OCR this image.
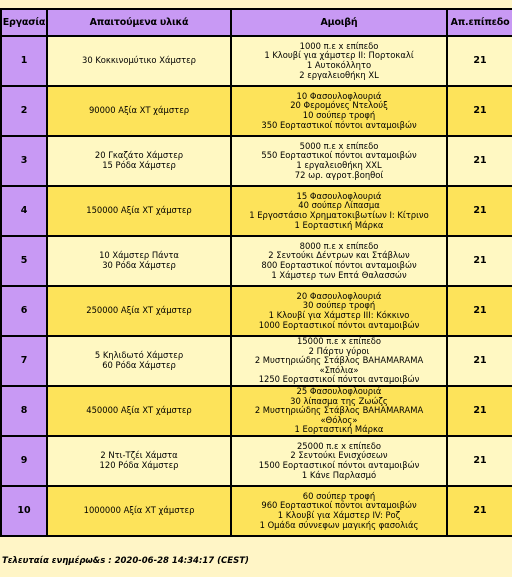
Εργασία	Απαιτούμενα υλικά	Αμοιβή	Απ.επίπεδο
1	30 Κοκκινομύτικο Χάμστερ	1000 π.ε x επίπεδο
1 Κλουβί για χάμστερ II: Πορτοκαλί
1 Αυτοκόλλητο
2 εργαλειοθήκη XL	21
2	90000 Αξία ΧΤ χάμστερ	10 Φασουλοφλουριά
20 Φερομόνες Ντελούξ
10 σούπερ τροφή
350 Εορταστικοί πόντοι ανταμοιβών	21
3	20 Γκαζάτο Χάμστερ
15 Ρόδα Χάμστερ	5000 π.ε x επίπεδο
550 Εορταστικοί πόντοι ανταμοιβών
1 εργαλειοθήκη XXL
72 ωρ. αγροτ.βοηθοί	21
4	150000 Αξία ΧΤ χάμστερ	15 Φασουλοφλουριά
40 σούπερ Λίπασμα
1 Εργοστάσιο Χρηματοκιβωτίων I: Κίτρινο
1 Εορταστική Μάρκα	21
5	10 Χάμστερ Πάντα
30 Ρόδα Χάμστερ	8000 π.ε x επίπεδο
2 Σεντούκι Δέντρων και Στάβλων
800 Εορταστικοί πόντοι ανταμοιβών
1 Χάμστερ των Επτά Θαλασσών	21
6	250000 Αξία ΧΤ χάμστερ	20 Φασουλοφλουριά
30 σούπερ τροφή
1 Κλουβί για Χάμστερ III: Κόκκινο
1000 Εορταστικοί πόντοι ανταμοιβών	21
7	5 Κηλιδωτό Χάμστερ
60 Ρόδα Χάμστερ	15000 π.ε x επίπεδο
2 Πάρτυ γύροι
2 Μυστηριώδης Στάβλος BAHAMARAMA
«Σπόλια»
1250 Εορταστικοί πόντοι ανταμοιβών	21
8	450000 Αξία ΧΤ χάμστερ	25 Φασουλοφλουριά
30 λίπασμα της Ζωώζς
2 Μυστηριώδης Στάβλος BAHAMARAMA
«Θόλος»
1 Εορταστική Μάρκα	21
9	2 Ντι-Τζέι Χάμστα
120 Ρόδα Χάμστερ	25000 π.ε x επίπεδο
2 Σεντούκι Ενισχύσεων
1500 Εορταστικοί πόντοι ανταμοιβών
1 Κάνε Παρλασμό	21
10	1000000 Αξία ΧΤ χάμστερ	60 σούπερ τροφή
960 Εορταστικοί πόντοι ανταμοιβών
1 Κλουβί για Χάμστερ IV: Ροζ
1 Ομάδα σύννεφων μαγικής φασολιάς	21
Τελευταία ενημέρω&s : 2020-06-28 14:34:17 (CEST)
